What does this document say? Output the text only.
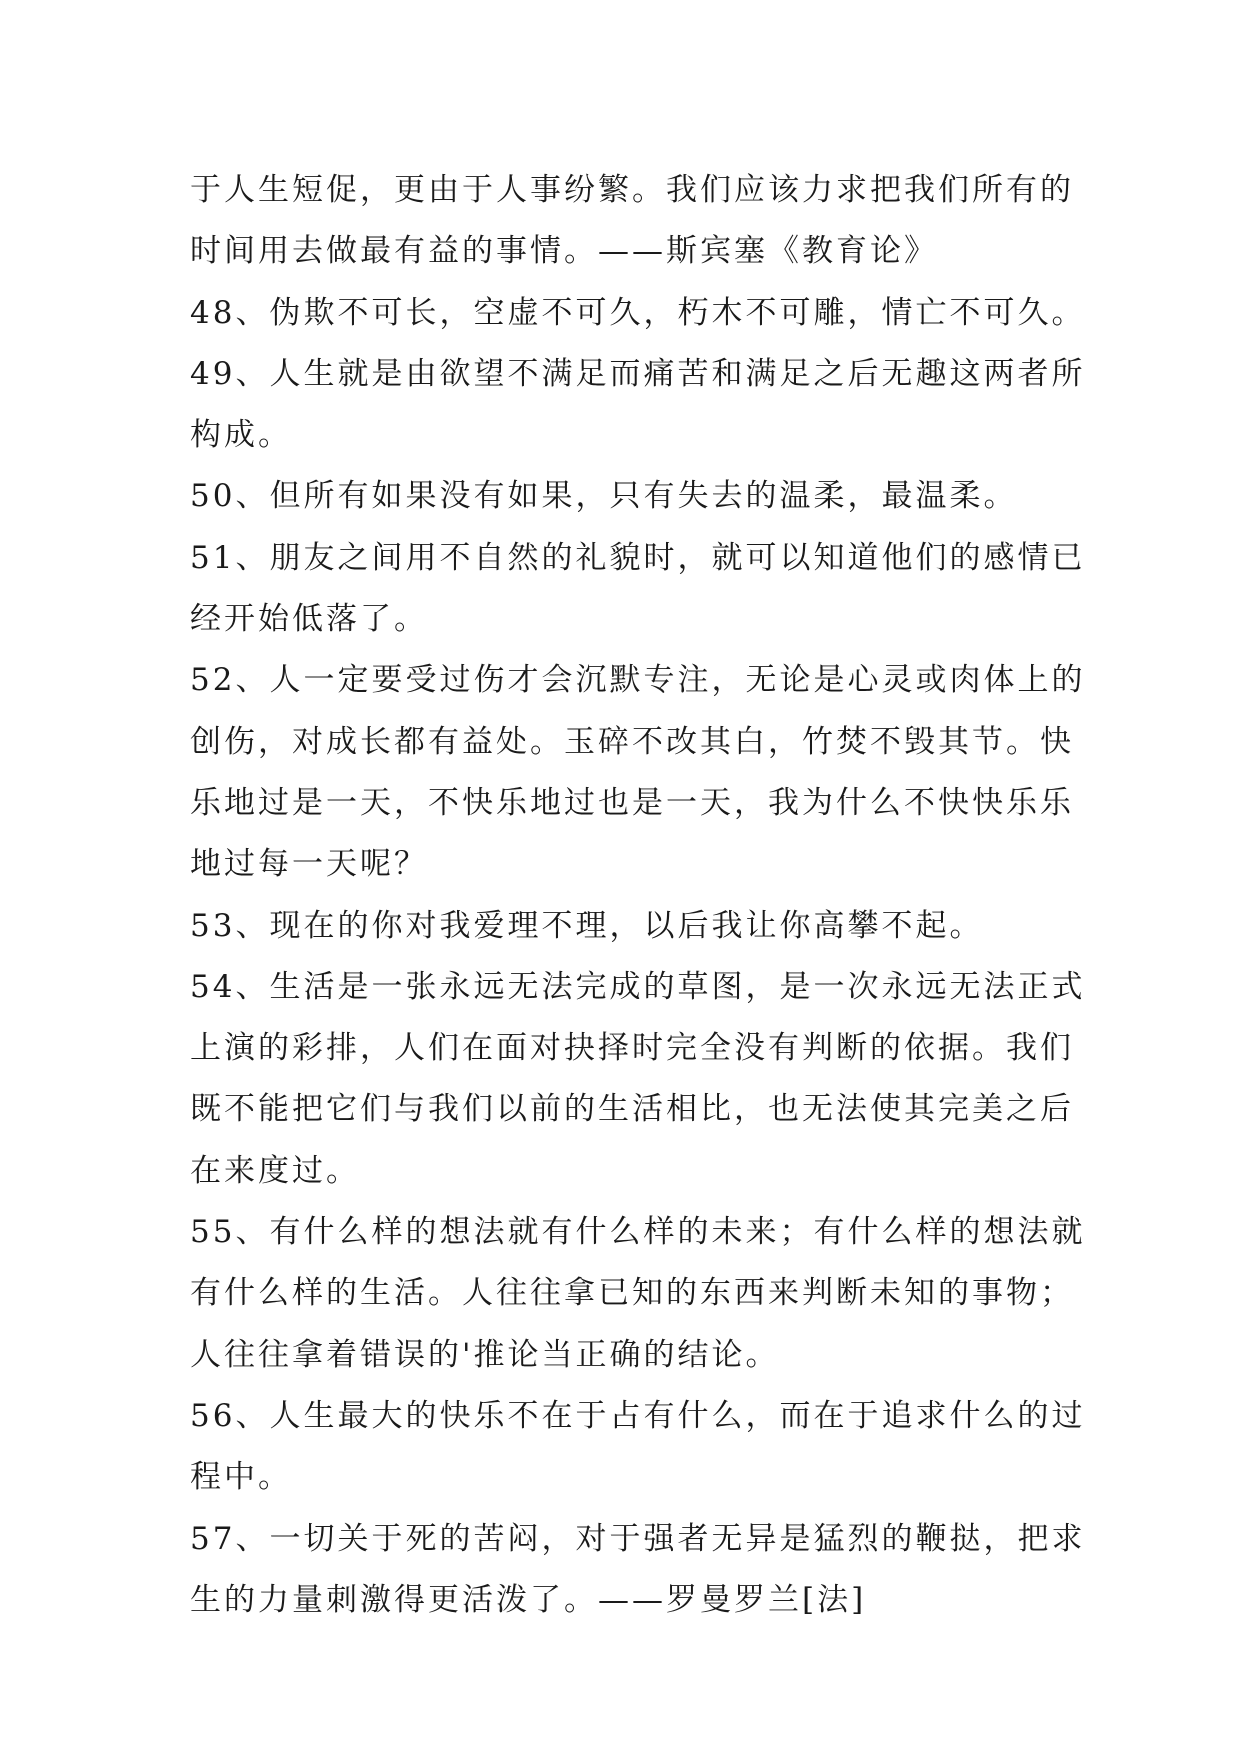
于人生短促，更由于人事纷繁。我们应该力求把我们所有的
时间用去做最有益的事情。——斯宾塞《教育论》
48、伪欺不可长，空虚不可久，朽木不可雕，情亡不可久。
49、人生就是由欲望不满足而痛苦和满足之后无趣这两者所
构成。
50、但所有如果没有如果，只有失去的温柔，最温柔。
51、朋友之间用不自然的礼貌时，就可以知道他们的感情已
经开始低落了。
52、人一定要受过伤才会沉默专注，无论是心灵或肉体上的
创伤，对成长都有益处。玉碎不改其白，竹焚不毁其节。快
乐地过是一天，不快乐地过也是一天，我为什么不快快乐乐
地过每一天呢？
53、现在的你对我爱理不理，以后我让你高攀不起。
54、生活是一张永远无法完成的草图，是一次永远无法正式
上演的彩排，人们在面对抉择时完全没有判断的依据。我们
既不能把它们与我们以前的生活相比，也无法使其完美之后
在来度过。
55、有什么样的想法就有什么样的未来；有什么样的想法就
有什么样的生活。人往往拿已知的东西来判断未知的事物；
人往往拿着错误的'推论当正确的结论。
56、人生最大的快乐不在于占有什么，而在于追求什么的过
程中。
57、一切关于死的苦闷，对于强者无异是猛烈的鞭挞，把求
生的力量刺激得更活泼了。——罗曼罗兰[法]
